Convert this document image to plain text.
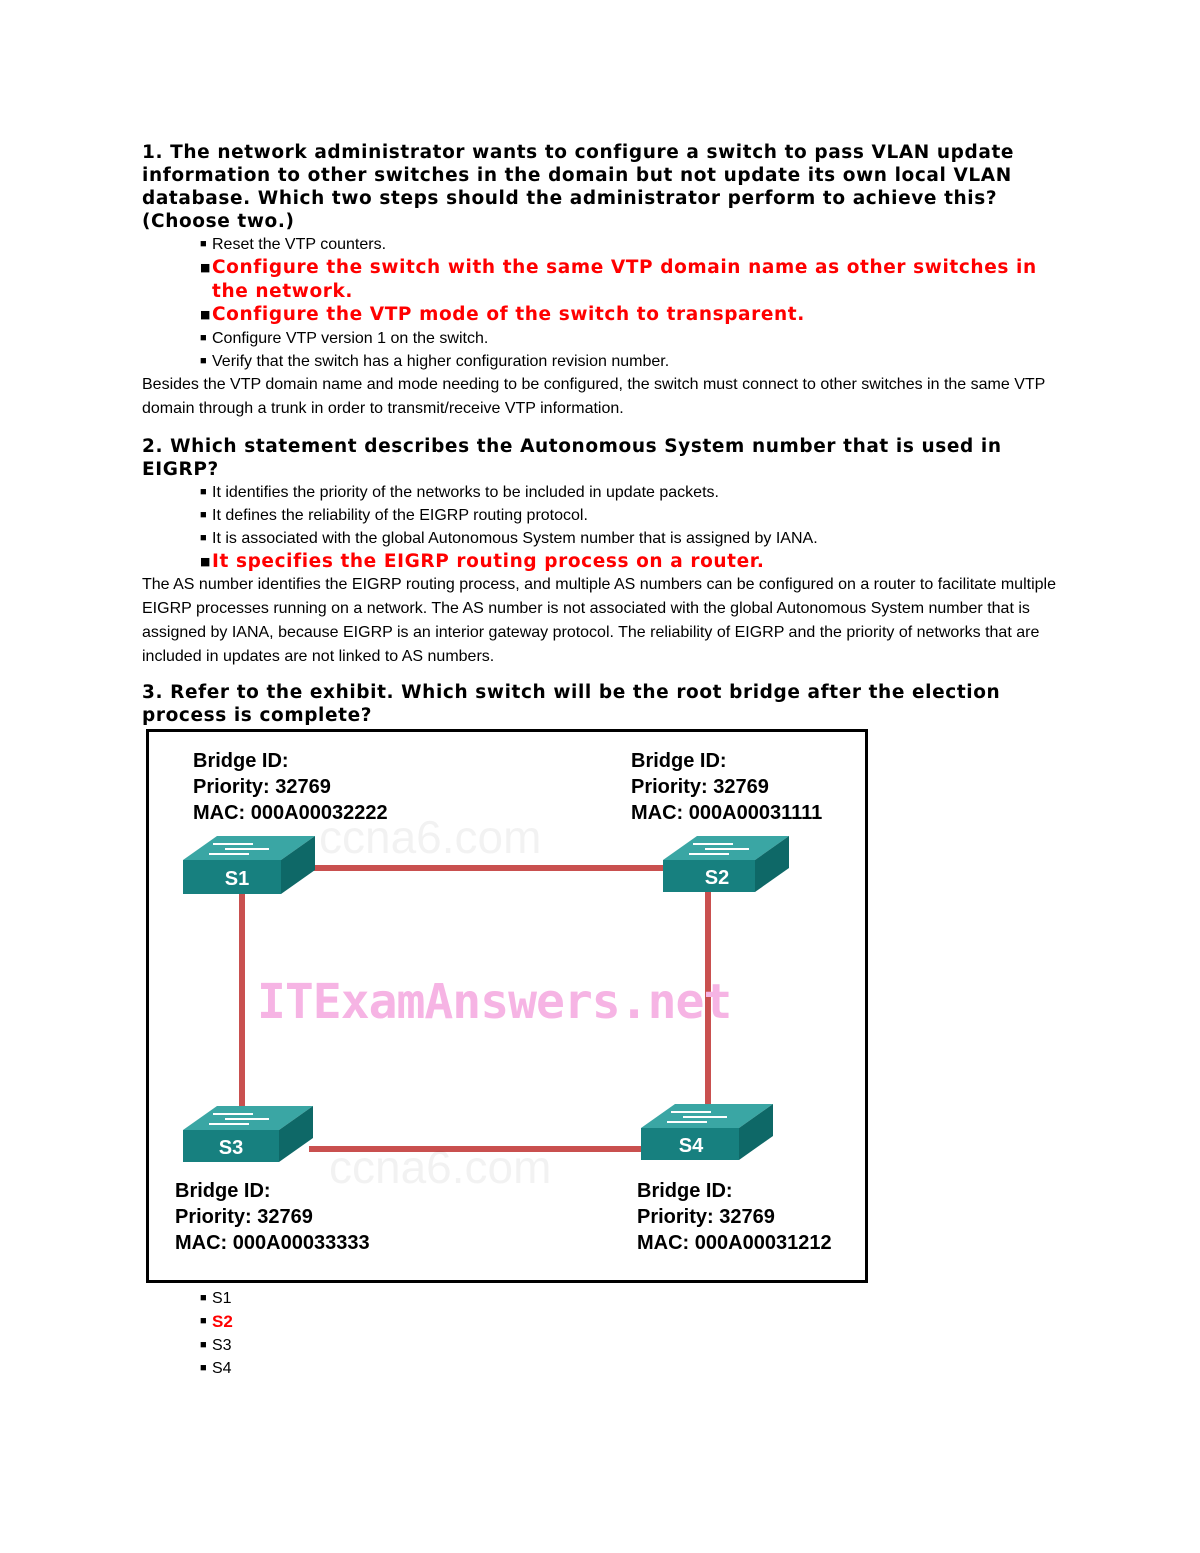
1. The network administrator wants to configure a switch to pass VLAN update information to other switches in the domain but not update its own local VLAN database. Which two steps should the administrator perform to achieve this? (Choose two.)

■ Reset the VTP counters.
■ Configure the switch with the same VTP domain name as other switches in the network.
■ Configure the VTP mode of the switch to transparent.
■ Configure VTP version 1 on the switch.
■ Verify that the switch has a higher configuration revision number.

Besides the VTP domain name and mode needing to be configured, the switch must connect to other switches in the same VTP domain through a trunk in order to transmit/receive VTP information.

2. Which statement describes the Autonomous System number that is used in EIGRP?

■ It identifies the priority of the networks to be included in update packets.
■ It defines the reliability of the EIGRP routing protocol.
■ It is associated with the global Autonomous System number that is assigned by IANA.
■ It specifies the EIGRP routing process on a router.

The AS number identifies the EIGRP routing process, and multiple AS numbers can be configured on a router to facilitate multiple EIGRP processes running on a network. The AS number is not associated with the global Autonomous System number that is assigned by IANA, because EIGRP is an interior gateway protocol. The reliability of EIGRP and the priority of networks that are included in updates are not linked to AS numbers.

3. Refer to the exhibit. Which switch will be the root bridge after the election process is complete?

S1	S2
S3	S4
ccna6.com
ccna6.com
ITExamAnswers.net
Bridge ID:
Priority: 32769
MAC: 000A00032222
Bridge ID:
Priority: 32769
MAC: 000A00031111
Bridge ID:
Priority: 32769
MAC: 000A00033333
Bridge ID:
Priority: 32769
MAC: 000A00031212
■ S1
■ S2
■ S3
■ S4
